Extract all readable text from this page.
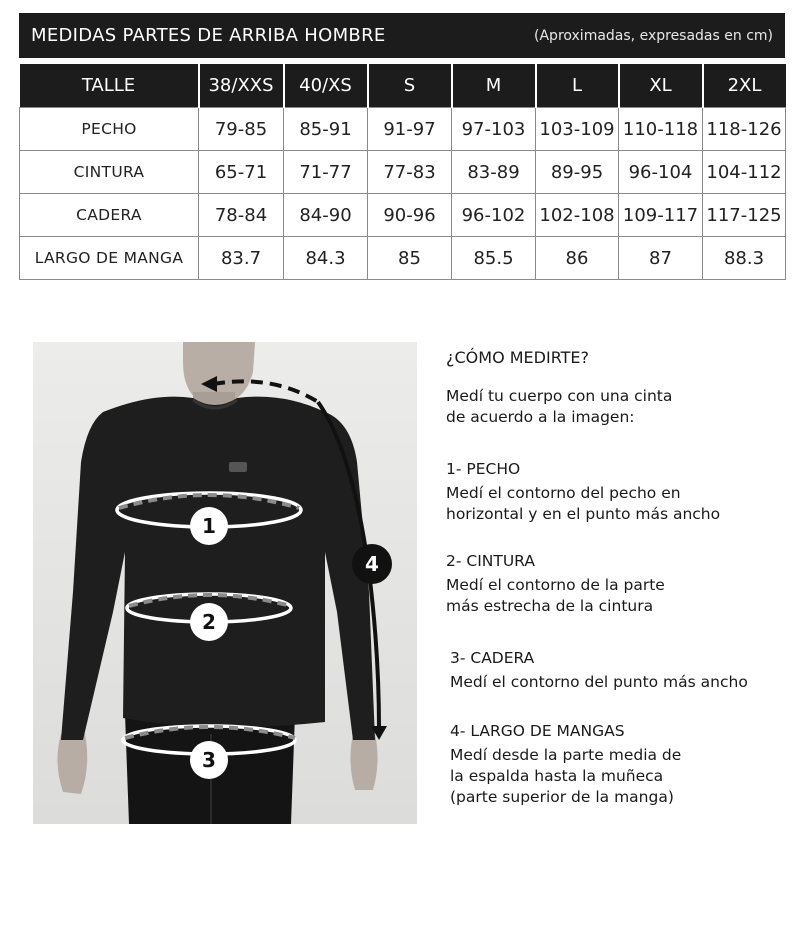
MEDIDAS PARTES DE ARRIBA HOMBRE	(Aproximadas, expresadas en cm)
TALLE	38/XXS	40/XS	S	M	L	XL	2XL
PECHO	79-85	85-91	91-97	97-103	103-109	110-118	118-126
CINTURA	65-71	71-77	77-83	83-89	89-95	96-104	104-112
CADERA	78-84	84-90	90-96	96-102	102-108	109-117	117-125
LARGO DE MANGA	83.7	84.3	85	85.5	86	87	88.3
1
2
3
4
¿CÓMO MEDIRTE?
Medí tu cuerpo con una cinta
de acuerdo a la imagen:
1- PECHO
Medí el contorno del pecho en
horizontal y en el punto más ancho
2- CINTURA
Medí el contorno de la parte
más estrecha de la cintura
3- CADERA
Medí el contorno del punto más ancho
4- LARGO DE MANGAS
Medí desde la parte media de
la espalda hasta la muñeca
(parte superior de la manga)
